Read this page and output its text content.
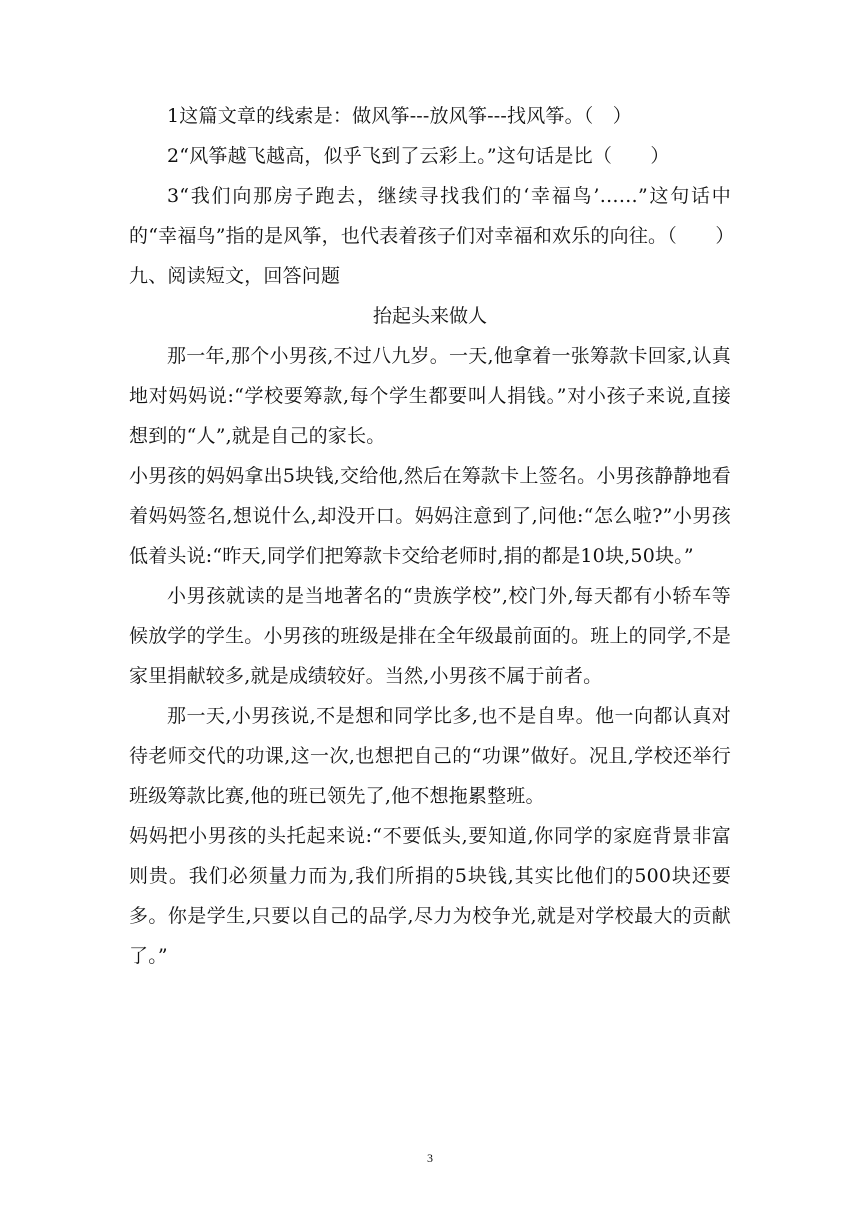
1这篇文章的线索是：做风筝---放风筝---找风筝。（　）

2“风筝越飞越高，似乎飞到了云彩上。”这句话是比（　　）

3“我们向那房子跑去，继续寻找我们的‘幸福鸟’……”这句话中的“幸福鸟”指的是风筝，也代表着孩子们对幸福和欢乐的向往。（　　）

九、阅读短文，回答问题

抬起头来做人

那一年,那个小男孩,不过八九岁。一天,他拿着一张筹款卡回家,认真地对妈妈说:“学校要筹款,每个学生都要叫人捐钱。”对小孩子来说,直接想到的“人”,就是自己的家长。

小男孩的妈妈拿出5块钱,交给他,然后在筹款卡上签名。小男孩静静地看着妈妈签名,想说什么,却没开口。妈妈注意到了,问他:“怎么啦?”小男孩低着头说:“昨天,同学们把筹款卡交给老师时,捐的都是10块,50块。”

小男孩就读的是当地著名的“贵族学校”,校门外,每天都有小轿车等候放学的学生。小男孩的班级是排在全年级最前面的。班上的同学,不是家里捐献较多,就是成绩较好。当然,小男孩不属于前者。

那一天,小男孩说,不是想和同学比多,也不是自卑。他一向都认真对待老师交代的功课,这一次,也想把自己的“功课”做好。况且,学校还举行班级筹款比赛,他的班已领先了,他不想拖累整班。

妈妈把小男孩的头托起来说:“不要低头,要知道,你同学的家庭背景非富则贵。我们必须量力而为,我们所捐的5块钱,其实比他们的500块还要多。你是学生,只要以自己的品学,尽力为校争光,就是对学校最大的贡献了。”

3
